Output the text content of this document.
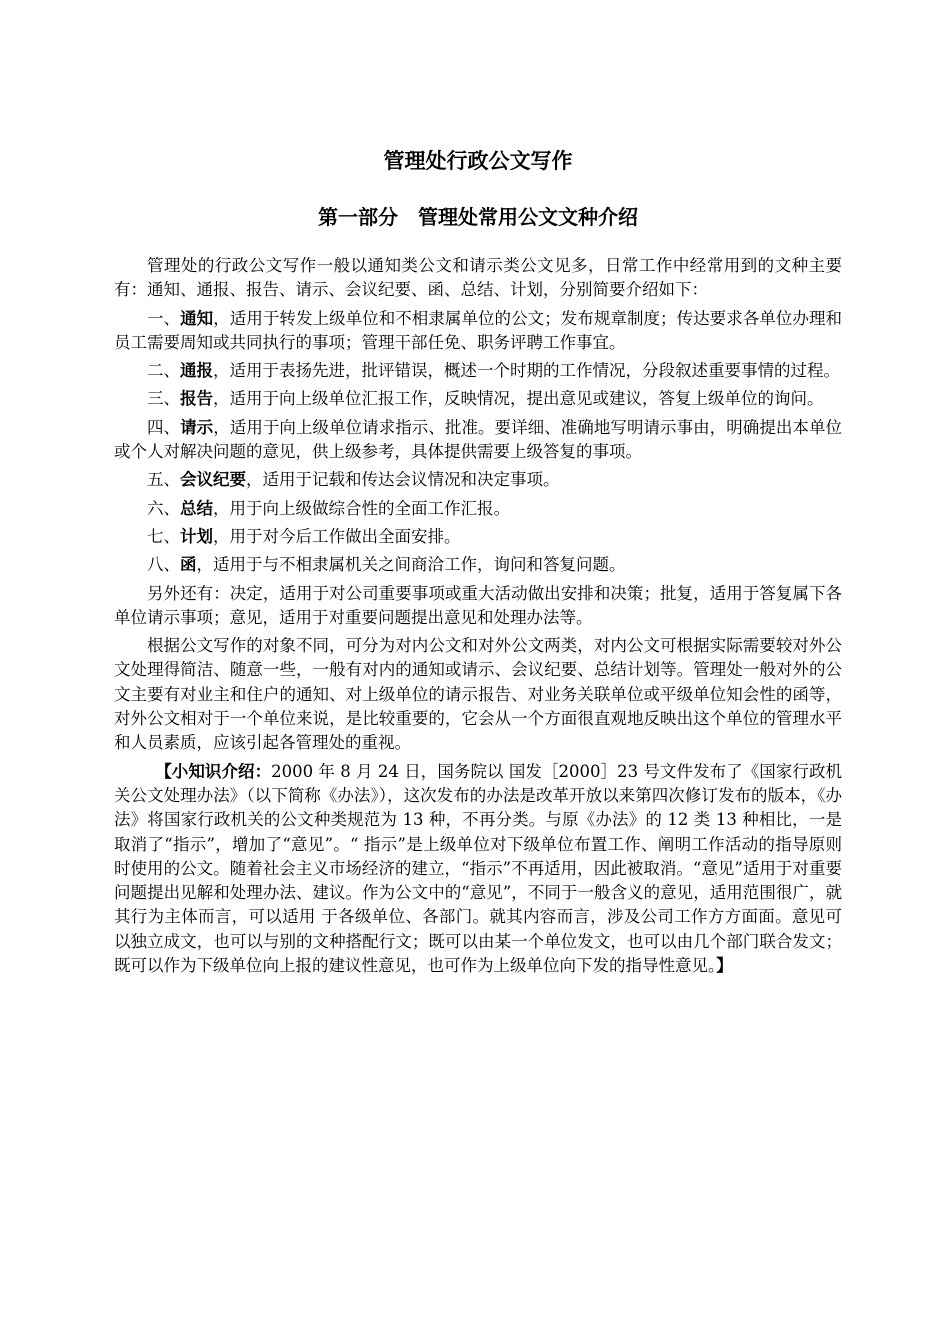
管理处行政公文写作
第一部分　管理处常用公文文种介绍

管理处的行政公文写作一般以通知类公文和请示类公文见多，日常工作中经常用到的文种主要有：通知、通报、报告、请示、会议纪要、函、总结、计划，分别简要介绍如下：

一、通知，适用于转发上级单位和不相隶属单位的公文；发布规章制度；传达要求各单位办理和员工需要周知或共同执行的事项；管理干部任免、职务评聘工作事宜。

二、通报，适用于表扬先进，批评错误，概述一个时期的工作情况，分段叙述重要事情的过程。

三、报告，适用于向上级单位汇报工作，反映情况，提出意见或建议，答复上级单位的询问。

四、请示，适用于向上级单位请求指示、批准。要详细、准确地写明请示事由，明确提出本单位或个人对解决问题的意见，供上级参考，具体提供需要上级答复的事项。

五、会议纪要，适用于记载和传达会议情况和决定事项。

六、总结，用于向上级做综合性的全面工作汇报。

七、计划，用于对今后工作做出全面安排。

八、函，适用于与不相隶属机关之间商洽工作，询问和答复问题。

另外还有：决定，适用于对公司重要事项或重大活动做出安排和决策；批复，适用于答复属下各单位请示事项；意见，适用于对重要问题提出意见和处理办法等。

根据公文写作的对象不同，可分为对内公文和对外公文两类，对内公文可根据实际需要较对外公文处理得简洁、随意一些，一般有对内的通知或请示、会议纪要、总结计划等。管理处一般对外的公文主要有对业主和住户的通知、对上级单位的请示报告、对业务关联单位或平级单位知会性的函等，对外公文相对于一个单位来说，是比较重要的，它会从一个方面很直观地反映出这个单位的管理水平和人员素质，应该引起各管理处的重视。

【小知识介绍：2000 年 8 月 24 日，国务院以 国发［2000］23 号文件发布了《国家行政机关公文处理办法》（以下简称《办法》），这次发布的办法是改革开放以来第四次修订发布的版本，《办法》将国家行政机关的公文种类规范为 13 种，不再分类。与原《办法》的 12 类 13 种相比，一是取消了“指示”，增加了“意见”。“ 指示”是上级单位对下级单位布置工作、阐明工作活动的指导原则时使用的公文。随着社会主义市场经济的建立，“指示”不再适用，因此被取消。“意见”适用于对重要问题提出见解和处理办法、建议。作为公文中的“意见”，不同于一般含义的意见，适用范围很广，就其行为主体而言，可以适用 于各级单位、各部门。就其内容而言，涉及公司工作方方面面。意见可以独立成文，也可以与别的文种搭配行文；既可以由某一个单位发文，也可以由几个部门联合发文；既可以作为下级单位向上报的建议性意见，也可作为上级单位向下发的指导性意见。】
